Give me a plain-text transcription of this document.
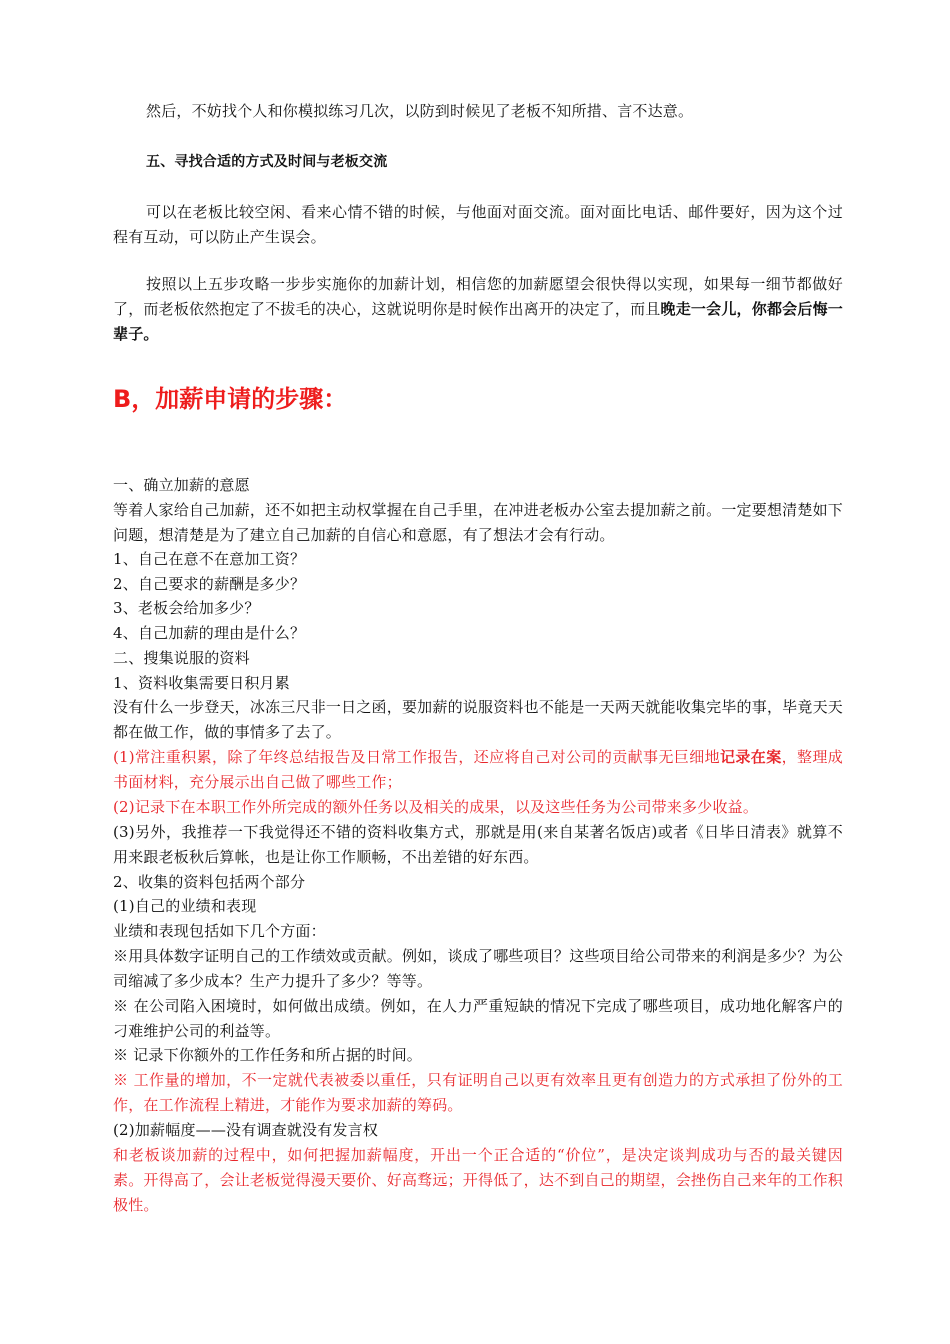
然后，不妨找个人和你模拟练习几次，以防到时候见了老板不知所措、言不达意。

五、寻找合适的方式及时间与老板交流

可以在老板比较空闲、看来心情不错的时候，与他面对面交流。面对面比电话、邮件要好，因为这个过程有互动，可以防止产生误会。

按照以上五步攻略一步步实施你的加薪计划，相信您的加薪愿望会很快得以实现，如果每一细节都做好了，而老板依然抱定了不拔毛的决心，这就说明你是时候作出离开的决定了，而且晚走一会儿，你都会后悔一辈子。

B，加薪申请的步骤：

一、确立加薪的意愿

等着人家给自己加薪，还不如把主动权掌握在自己手里，在冲进老板办公室去提加薪之前。一定要想清楚如下问题，想清楚是为了建立自己加薪的自信心和意愿，有了想法才会有行动。

1、自己在意不在意加工资？

2、自己要求的薪酬是多少？

3、老板会给加多少？

4、自己加薪的理由是什么？

二、搜集说服的资料

1、资料收集需要日积月累

没有什么一步登天，冰冻三尺非一日之函，要加薪的说服资料也不能是一天两天就能收集完毕的事，毕竟天天都在做工作，做的事情多了去了。

(1)常注重积累，除了年终总结报告及日常工作报告，还应将自己对公司的贡献事无巨细地记录在案，整理成书面材料，充分展示出自己做了哪些工作；

(2)记录下在本职工作外所完成的额外任务以及相关的成果，以及这些任务为公司带来多少收益。

(3)另外，我推荐一下我觉得还不错的资料收集方式，那就是用(来自某著名饭店)或者《日毕日清表》就算不用来跟老板秋后算帐，也是让你工作顺畅，不出差错的好东西。

2、收集的资料包括两个部分

(1)自己的业绩和表现

业绩和表现包括如下几个方面：

※用具体数字证明自己的工作绩效或贡献。例如，谈成了哪些项目？这些项目给公司带来的利润是多少？为公司缩减了多少成本？生产力提升了多少？等等。

※ 在公司陷入困境时，如何做出成绩。例如，在人力严重短缺的情况下完成了哪些项目，成功地化解客户的刁难维护公司的利益等。

※ 记录下你额外的工作任务和所占据的时间。

※ 工作量的增加，不一定就代表被委以重任，只有证明自己以更有效率且更有创造力的方式承担了份外的工作，在工作流程上精进，才能作为要求加薪的筹码。

(2)加薪幅度——没有调查就没有发言权

和老板谈加薪的过程中，如何把握加薪幅度，开出一个正合适的“价位”，是决定谈判成功与否的最关键因素。开得高了，会让老板觉得漫天要价、好高骛远；开得低了，达不到自己的期望，会挫伤自己来年的工作积极性。
